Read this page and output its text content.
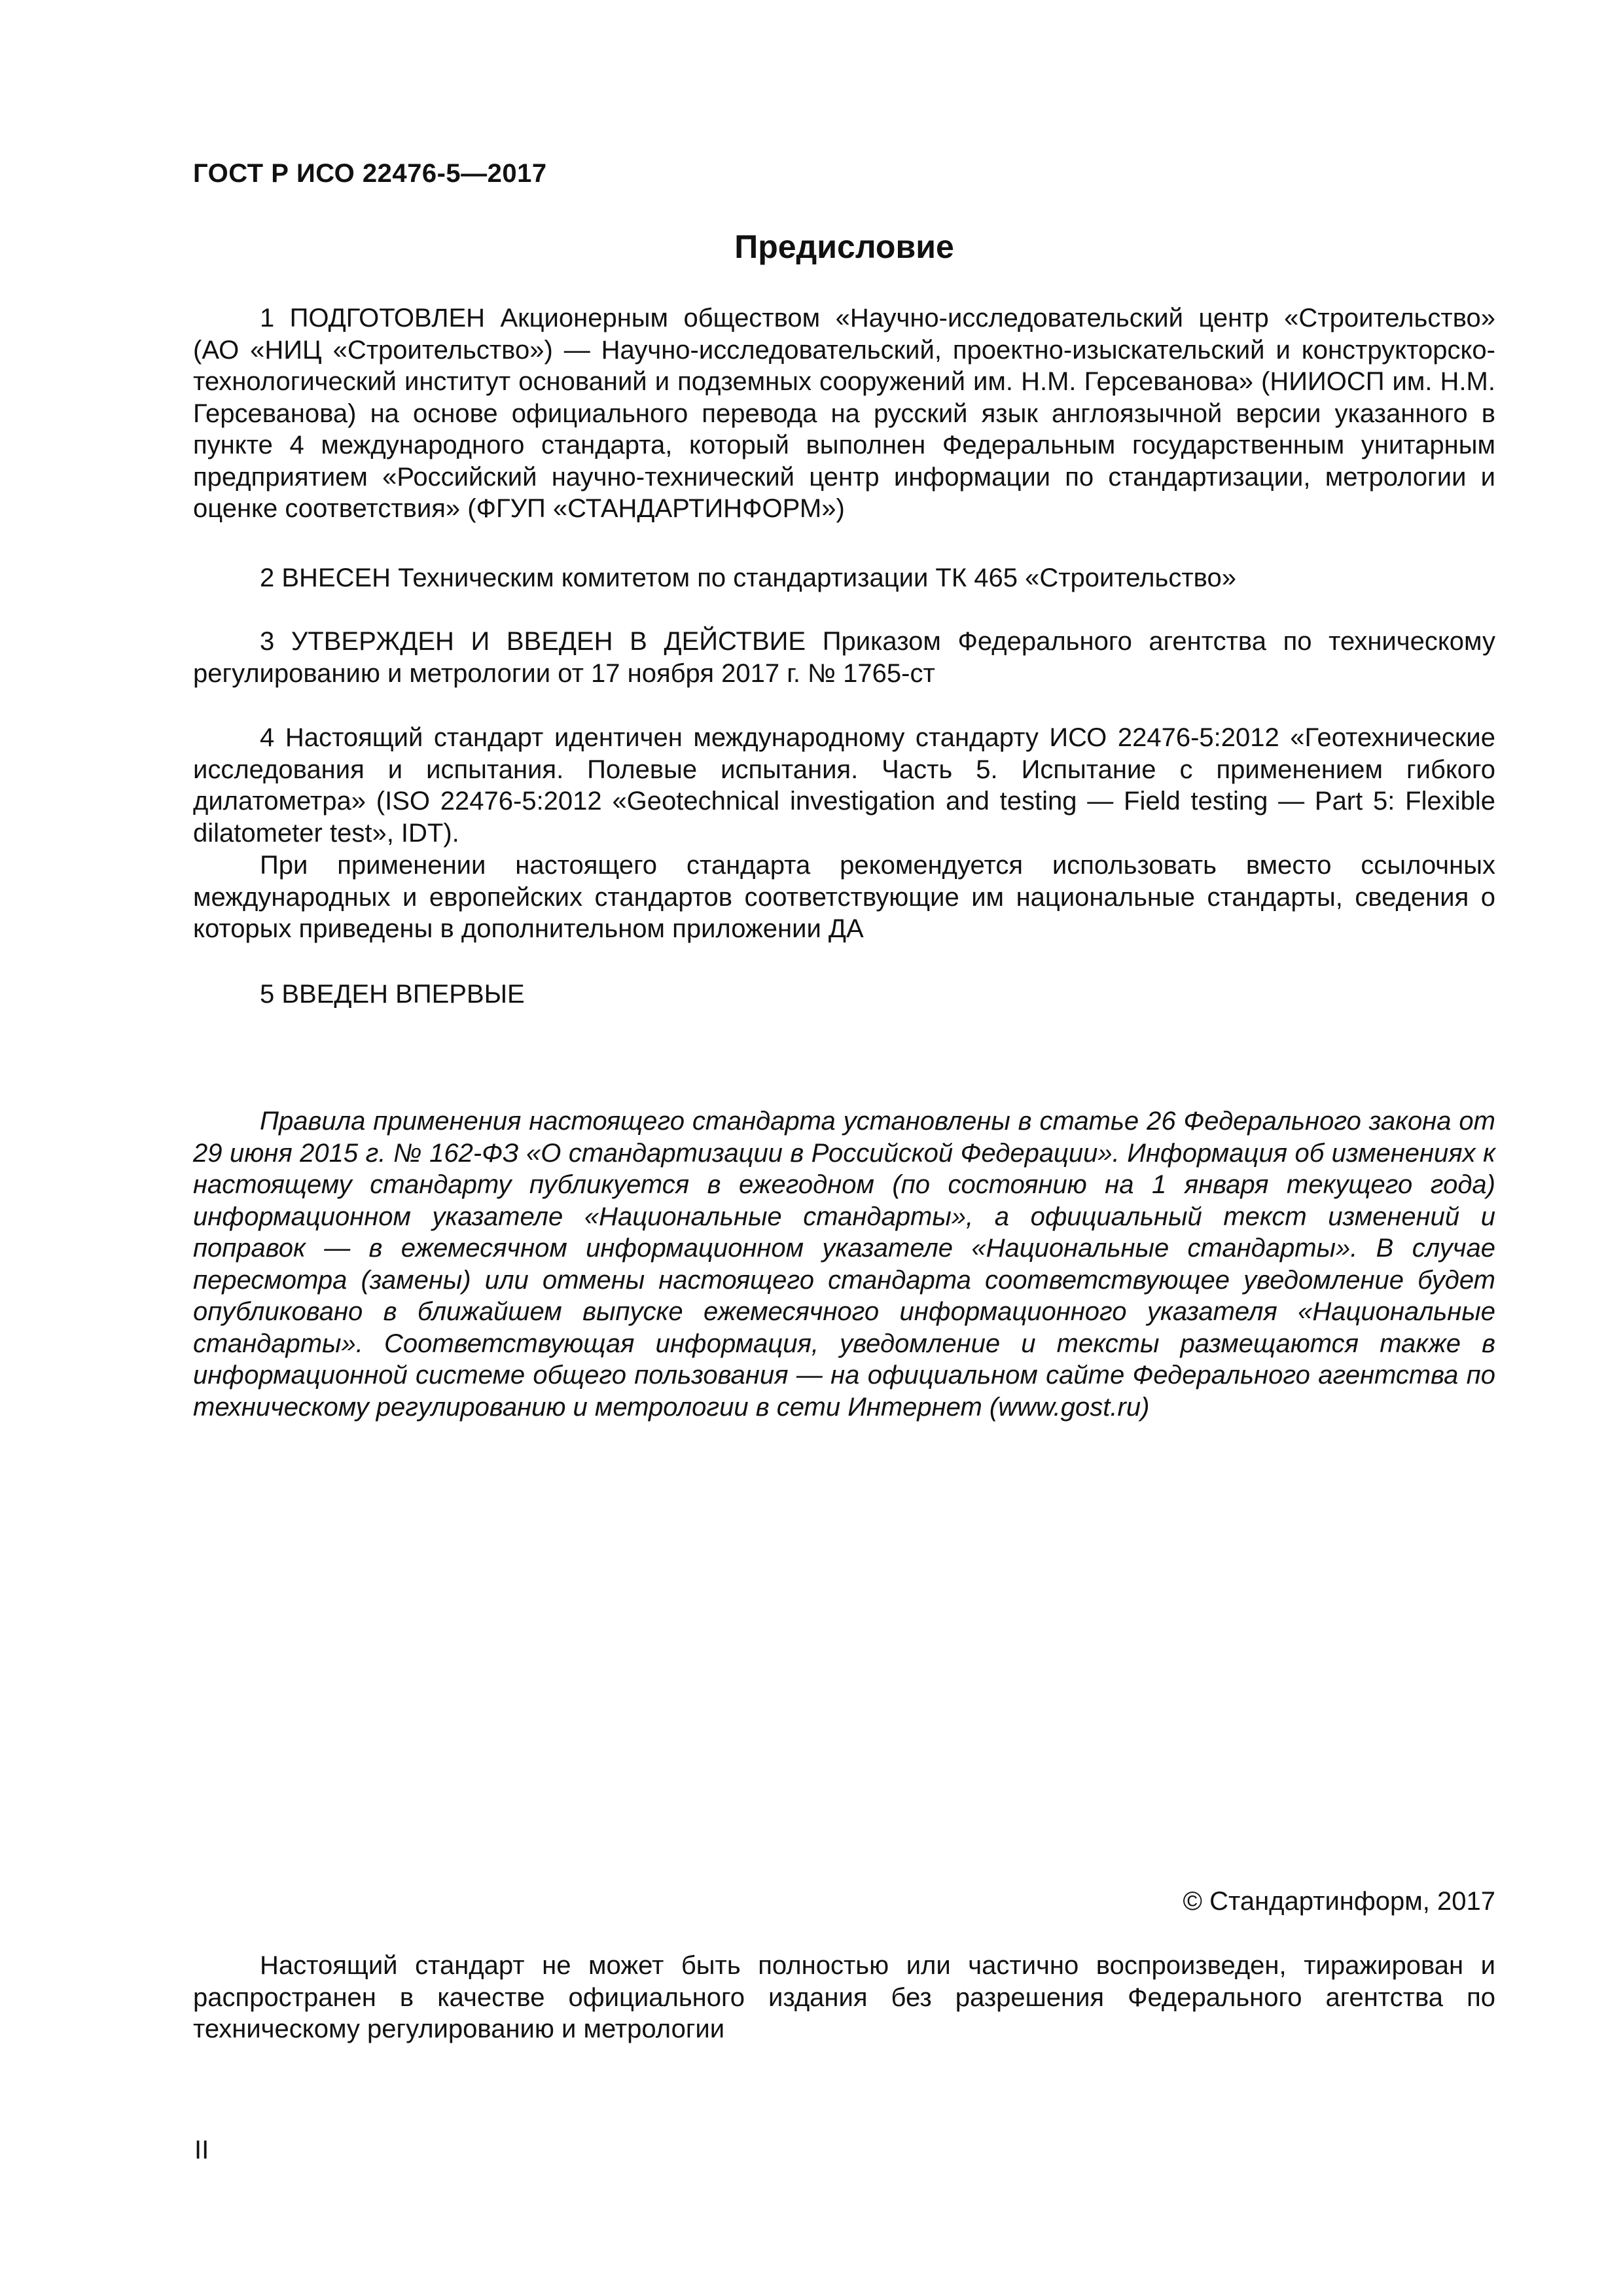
ГОСТ Р ИСО 22476-5—2017

Предисловие

1 ПОДГОТОВЛЕН Акционерным обществом «Научно-исследовательский центр «Строительство» (АО «НИЦ «Строительство») — Научно-исследовательский, проектно-изыскательский и конструкторско-технологический институт оснований и подземных сооружений им. Н.М. Герсеванова» (НИИОСП им. Н.М. Герсеванова) на основе официального перевода на русский язык англоязычной версии указанного в пункте 4 международного стандарта, который выполнен Федеральным государственным унитарным предприятием «Российский научно-технический центр информации по стандартизации, метрологии и оценке соответствия» (ФГУП «СТАНДАРТИНФОРМ»)

2 ВНЕСЕН Техническим комитетом по стандартизации ТК 465 «Строительство»

3 УТВЕРЖДЕН И ВВЕДЕН В ДЕЙСТВИЕ Приказом Федерального агентства по техническому регулированию и метрологии от 17 ноября 2017 г. № 1765-ст

4 Настоящий стандарт идентичен международному стандарту ИСО 22476-5:2012 «Геотехнические исследования и испытания. Полевые испытания. Часть 5. Испытание с применением гибкого дилатометра» (ISO 22476-5:2012 «Geotechnical investigation and testing — Field testing — Part 5: Flexible dilatometer test», IDT).

При применении настоящего стандарта рекомендуется использовать вместо ссылочных международных и европейских стандартов соответствующие им национальные стандарты, сведения о которых приведены в дополнительном приложении ДА

5 ВВЕДЕН ВПЕРВЫЕ

Правила применения настоящего стандарта установлены в статье 26 Федерального закона от 29 июня 2015 г. № 162-ФЗ «О стандартизации в Российской Федерации». Информация об изменениях к настоящему стандарту публикуется в ежегодном (по состоянию на 1 января текущего года) информационном указателе «Национальные стандарты», а официальный текст изменений и поправок — в ежемесячном информационном указателе «Национальные стандарты». В случае пересмотра (замены) или отмены настоящего стандарта соответствующее уведомление будет опубликовано в ближайшем выпуске ежемесячного информационного указателя «Национальные стандарты». Соответствующая информация, уведомление и тексты размещаются также в информационной системе общего пользования — на официальном сайте Федерального агентства по техническому регулированию и метрологии в сети Интернет (www.gost.ru)

© Стандартинформ, 2017

Настоящий стандарт не может быть полностью или частично воспроизведен, тиражирован и распространен в качестве официального издания без разрешения Федерального агентства по техническому регулированию и метрологии

II
